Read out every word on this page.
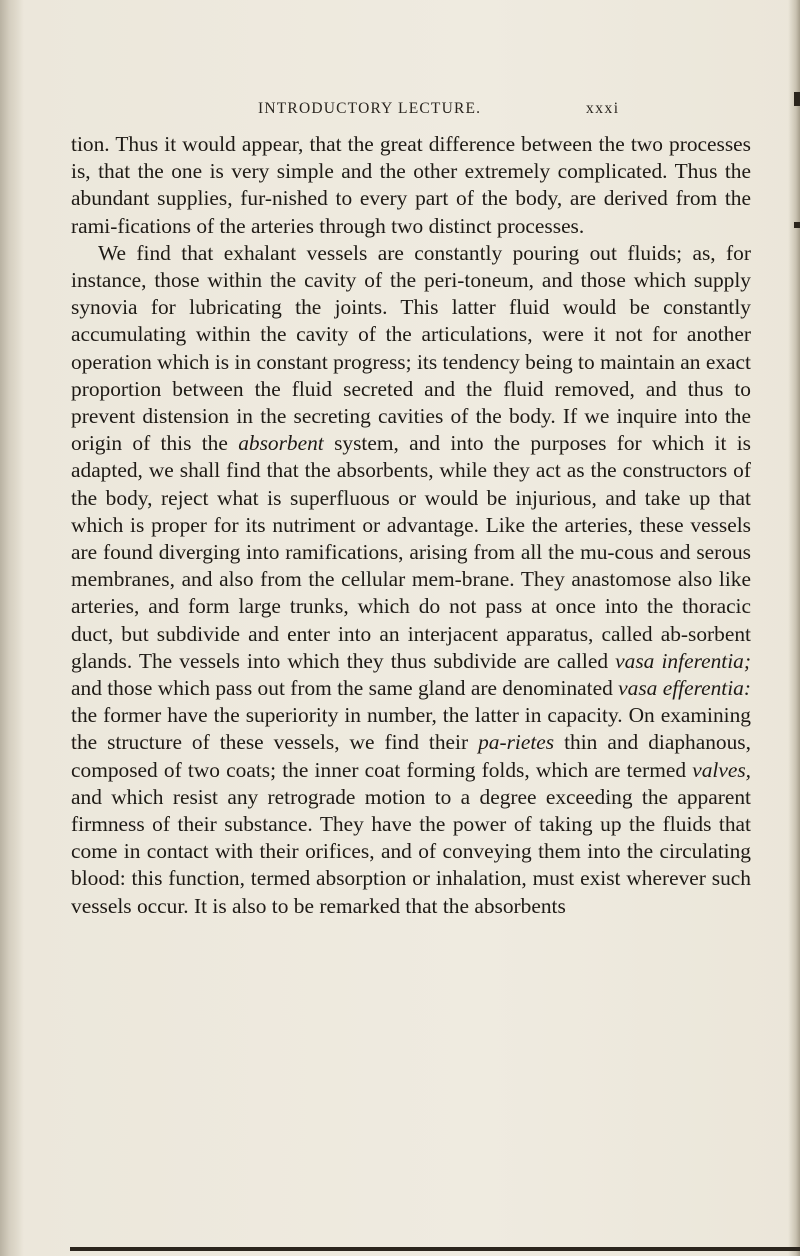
INTRODUCTORY LECTURE.	xxxi

tion. Thus it would appear, that the great difference between the two processes is, that the one is very simple and the other extremely complicated. Thus the abundant supplies, fur-nished to every part of the body, are derived from the rami-fications of the arteries through two distinct processes.

We find that exhalant vessels are constantly pouring out fluids; as, for instance, those within the cavity of the peri-toneum, and those which supply synovia for lubricating the joints. This latter fluid would be constantly accumulating within the cavity of the articulations, were it not for another operation which is in constant progress; its tendency being to maintain an exact proportion between the fluid secreted and the fluid removed, and thus to prevent distension in the secreting cavities of the body. If we inquire into the origin of this the absorbent system, and into the purposes for which it is adapted, we shall find that the absorbents, while they act as the constructors of the body, reject what is superfluous or would be injurious, and take up that which is proper for its nutriment or advantage. Like the arteries, these vessels are found diverging into ramifications, arising from all the mu-cous and serous membranes, and also from the cellular mem-brane. They anastomose also like arteries, and form large trunks, which do not pass at once into the thoracic duct, but subdivide and enter into an interjacent apparatus, called ab-sorbent glands. The vessels into which they thus subdivide are called vasa inferentia; and those which pass out from the same gland are denominated vasa efferentia: the former have the superiority in number, the latter in capacity. On examining the structure of these vessels, we find their pa-rietes thin and diaphanous, composed of two coats; the inner coat forming folds, which are termed valves, and which resist any retrograde motion to a degree exceeding the apparent firmness of their substance. They have the power of taking up the fluids that come in contact with their orifices, and of conveying them into the circulating blood: this function, termed absorption or inhalation, must exist wherever such vessels occur. It is also to be remarked that the absorbents
